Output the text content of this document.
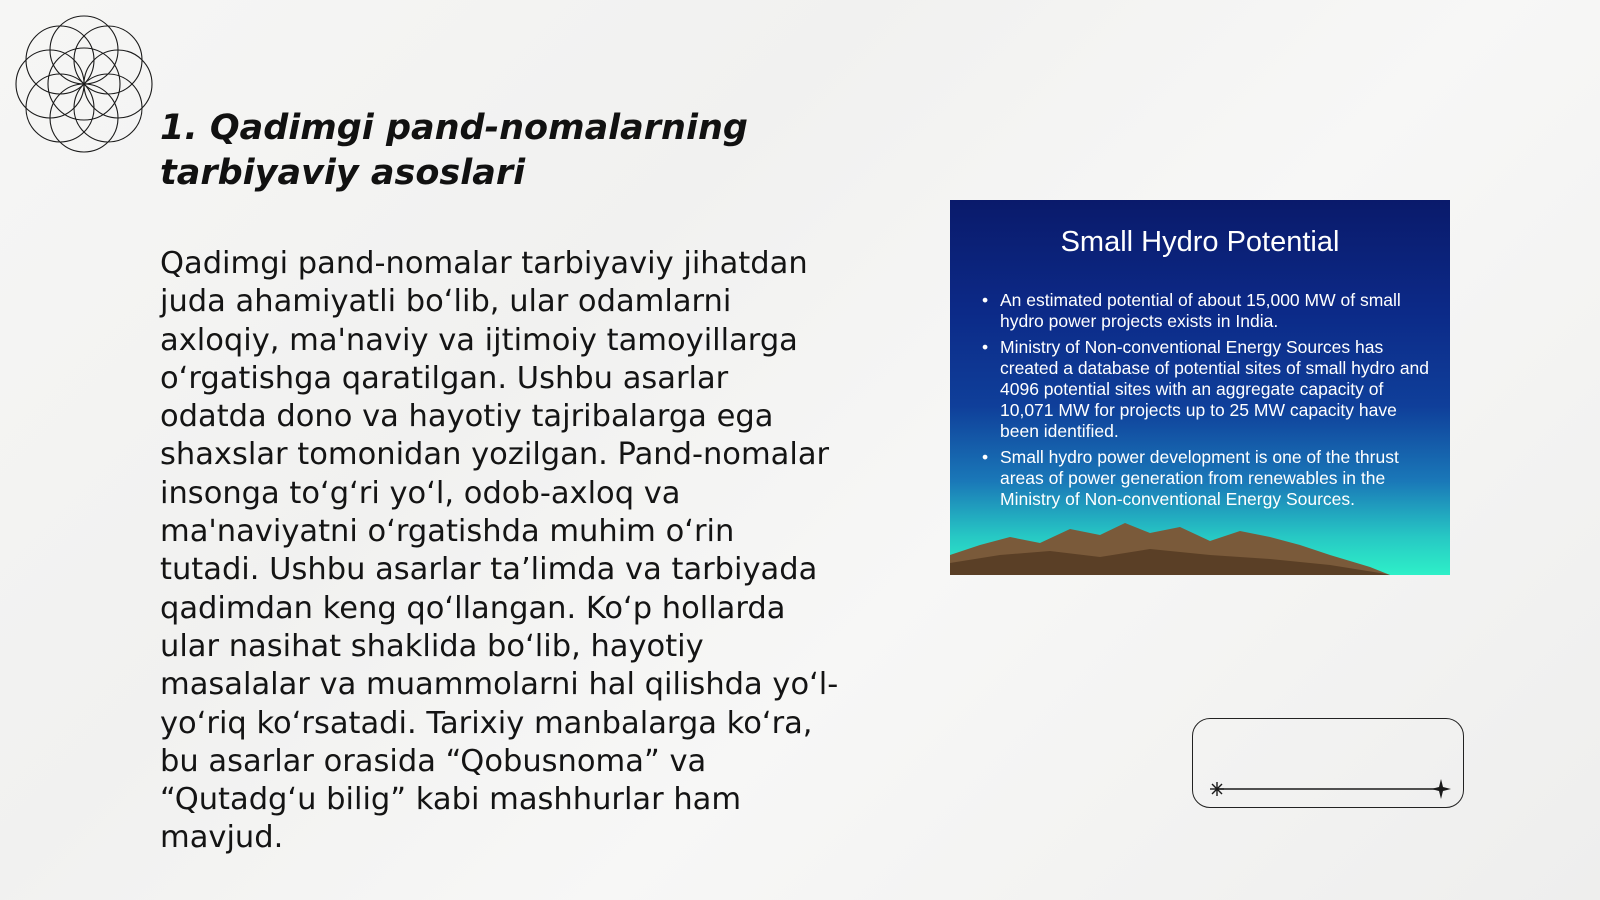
1. Qadimgi pand-nomalarning tarbiyaviy asoslari

Qadimgi pand-nomalar tarbiyaviy jihatdan juda ahamiyatli boʻlib, ular odamlarni axloqiy, ma'naviy va ijtimoiy tamoyillarga oʻrgatishga qaratilgan. Ushbu asarlar odatda dono va hayotiy tajribalarga ega shaxslar tomonidan yozilgan. Pand-nomalar insonga toʻgʻri yoʻl, odob-axloq va ma'naviyatni oʻrgatishda muhim oʻrin tutadi. Ushbu asarlar taʼlimda va tarbiyada qadimdan keng qoʻllangan. Koʻp hollarda ular nasihat shaklida boʻlib, hayotiy masalalar va muammolarni hal qilishda yoʻl-yoʻriq koʻrsatadi. Tarixiy manbalarga koʻra, bu asarlar orasida “Qobusnoma” va “Qutadgʻu bilig” kabi mashhurlar ham mavjud.

Small Hydro Potential
• An estimated potential of about 15,000 MW of small hydro power projects exists in India.
• Ministry of Non-conventional Energy Sources has created a database of potential sites of small hydro and 4096 potential sites with an aggregate capacity of 10,071 MW for projects up to 25 MW capacity have been identified.
• Small hydro power development is one of the thrust areas of power generation from renewables in the Ministry of Non-conventional Energy Sources.
